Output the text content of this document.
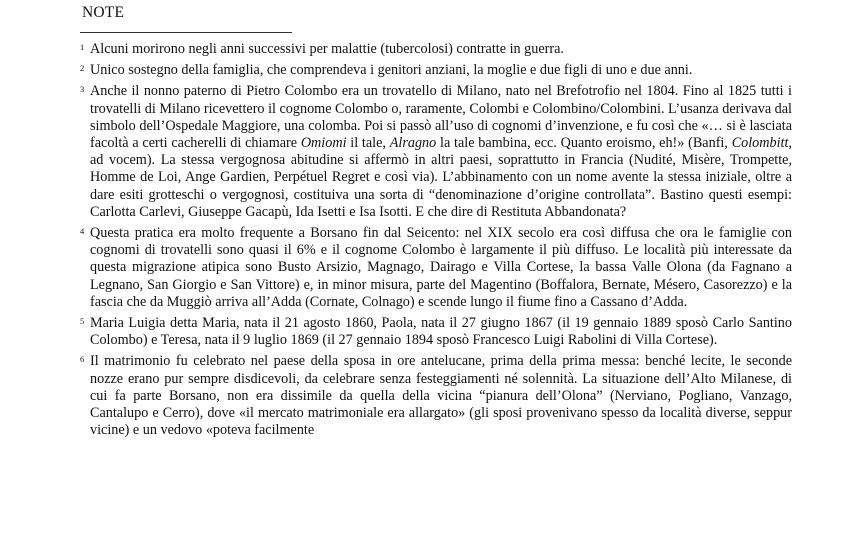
NOTE
1 Alcuni morirono negli anni successivi per malattie (tubercolosi) contratte in guerra.
2 Unico sostegno della famiglia, che comprendeva i genitori anziani, la moglie e due figli di uno e due anni.
3 Anche il nonno paterno di Pietro Colombo era un trovatello di Milano, nato nel Brefotrofio nel 1804. Fino al 1825 tutti i trovatelli di Milano ricevettero il cognome Colombo o, raramente, Colombi e Colombino/Colombini. L’usanza derivava dal simbolo dell’Ospedale Maggiore, una colomba. Poi si passò all’uso di cognomi d’invenzione, e fu così che «… si è lasciata facoltà a certi cacherelli di chiamare Omiomi il tale, Alragno la tale bambina, ecc. Quanto eroismo, eh!» (Banfi, Colombitt, ad vocem). La stessa vergognosa abitudine si affermò in altri paesi, soprattutto in Francia (Nudité, Misère, Trompette, Homme de Loi, Ange Gardien, Perpétuel Regret e così via). L’abbinamento con un nome avente la stessa iniziale, oltre a dare esiti grotteschi o vergognosi, costituiva una sorta di “denominazione d’origine controllata”. Bastino questi esempi: Carlotta Carlevi, Giuseppe Gacapù, Ida Isetti e Isa Isotti. E che dire di Restituta Abbandonata?
4 Questa pratica era molto frequente a Borsano fin dal Seicento: nel XIX secolo era così diffusa che ora le famiglie con cognomi di trovatelli sono quasi il 6% e il cognome Colombo è largamente il più diffuso. Le località più interessate da questa migrazione atipica sono Busto Arsizio, Magnago, Dairago e Villa Cortese, la bassa Valle Olona (da Fagnano a Legnano, San Giorgio e San Vittore) e, in minor misura, parte del Magentino (Boffalora, Bernate, Mésero, Casorezzo) e la fascia che da Muggiò arriva all’Adda (Cornate, Colnago) e scende lungo il fiume fino a Cassano d’Adda.
5 Maria Luigia detta Maria, nata il 21 agosto 1860, Paola, nata il 27 giugno 1867 (il 19 gennaio 1889 sposò Carlo Santino Colombo) e Teresa, nata il 9 luglio 1869 (il 27 gennaio 1894 sposò Francesco Luigi Rabolini di Villa Cortese).
6 Il matrimonio fu celebrato nel paese della sposa in ore antelucane, prima della prima messa: benché lecite, le seconde nozze erano pur sempre disdicevoli, da celebrare senza festeggiamenti né solennità. La situazione dell’Alto Milanese, di cui fa parte Borsano, non era dissimile da quella della vicina “pianura dell’Olona” (Nerviano, Pogliano, Vanzago, Cantalupo e Cerro), dove «il mercato matrimoniale era allargato» (gli sposi provenivano spesso da località diverse, seppur vicine) e un vedovo «poteva facilmente
